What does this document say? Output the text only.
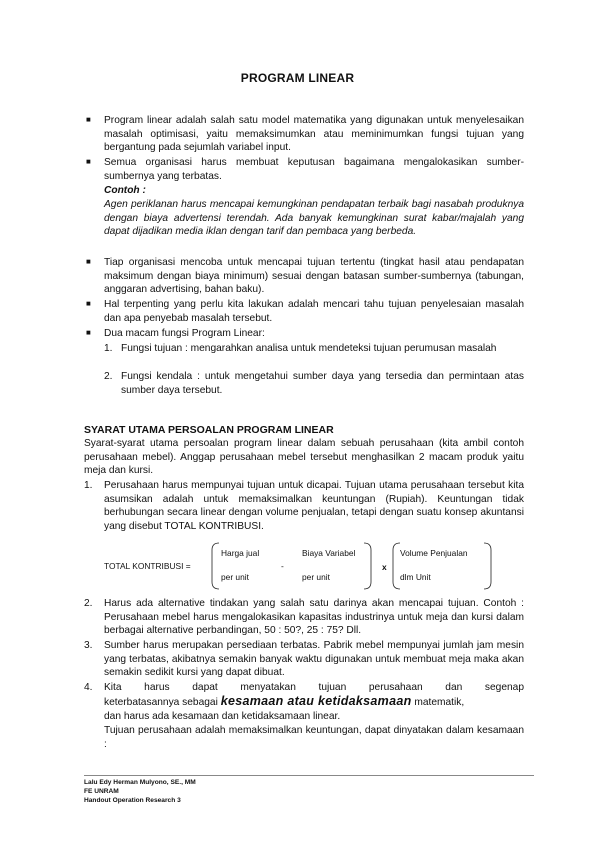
PROGRAM LINEAR
■ Program linear adalah salah satu model matematika yang digunakan untuk menyelesaikan masalah optimisasi, yaitu memaksimumkan atau meminimumkan fungsi tujuan yang bergantung pada sejumlah variabel input.
■ Semua organisasi harus membuat keputusan bagaimana mengalokasikan sumber-sumbernya yang terbatas.
Contoh :
Agen periklanan harus mencapai kemungkinan pendapatan terbaik bagi nasabah produknya dengan biaya advertensi terendah. Ada banyak kemungkinan surat kabar/majalah yang dapat dijadikan media iklan dengan tarif dan pembaca yang berbeda.
■ Tiap organisasi mencoba untuk mencapai tujuan tertentu (tingkat hasil atau pendapatan maksimum dengan biaya minimum) sesuai dengan batasan sumber-sumbernya (tabungan, anggaran advertising, bahan baku).
■ Hal terpenting yang perlu kita lakukan adalah mencari tahu tujuan penyelesaian masalah dan apa penyebab masalah tersebut.
■ Dua macam fungsi Program Linear:
1. Fungsi tujuan : mengarahkan analisa untuk mendeteksi tujuan perumusan masalah
2. Fungsi kendala : untuk mengetahui sumber daya yang tersedia dan permintaan atas sumber daya tersebut.
SYARAT UTAMA PERSOALAN PROGRAM LINEAR
Syarat-syarat utama persoalan program linear dalam sebuah perusahaan (kita ambil contoh perusahaan mebel). Anggap perusahaan mebel tersebut menghasilkan 2 macam produk yaitu meja dan kursi.
1. Perusahaan harus mempunyai tujuan untuk dicapai. Tujuan utama perusahaan tersebut kita asumsikan adalah untuk memaksimalkan keuntungan (Rupiah). Keuntungan tidak berhubungan secara linear dengan volume penjualan, tetapi dengan suatu konsep akuntansi yang disebut TOTAL KONTRIBUSI.
TOTAL KONTRIBUSI =
Harga jual
per unit
-
Biaya Variabel
per unit
x
Volume Penjualan
dlm Unit
2. Harus ada alternative tindakan yang salah satu darinya akan mencapai tujuan. Contoh : Perusahaan mebel harus mengalokasikan kapasitas industrinya untuk meja dan kursi dalam berbagai alternative perbandingan, 50 : 50?, 25 : 75? Dll.
3. Sumber harus merupakan persediaan terbatas. Pabrik mebel mempunyai jumlah jam mesin yang terbatas, akibatnya semakin banyak waktu digunakan untuk membuat meja maka akan semakin sedikit kursi yang dapat dibuat.
4. Kita harus dapat menyatakan tujuan perusahaan dan segenap
keterbatasannya sebagai kesamaan atau ketidaksamaan matematik,
dan harus ada kesamaan dan ketidaksamaan linear.
Tujuan perusahaan adalah memaksimalkan keuntungan, dapat dinyatakan dalam kesamaan :
Lalu Edy Herman Mulyono, SE., MM
FE UNRAM
Handout Operation Research 3
